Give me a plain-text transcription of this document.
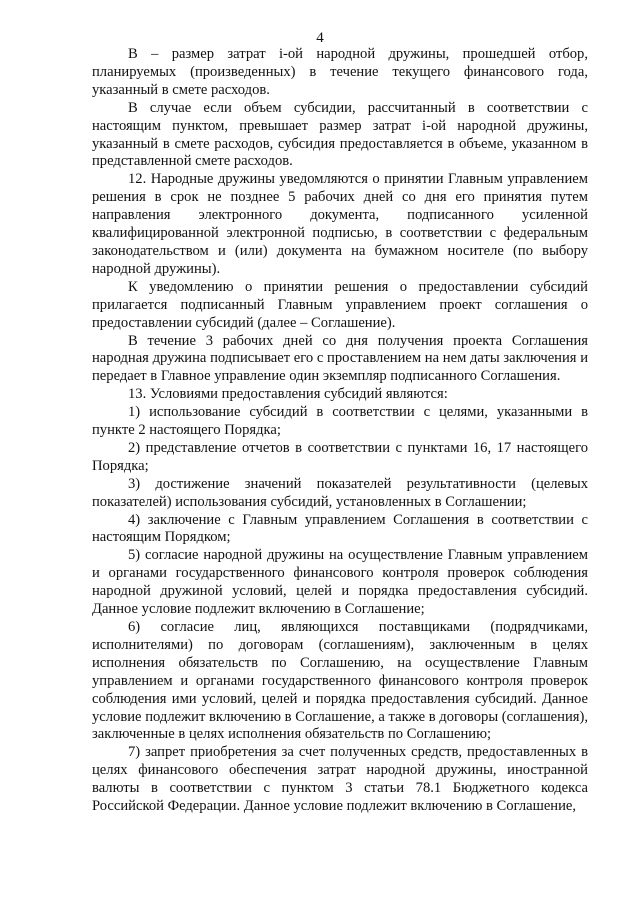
4

В – размер затрат i-ой народной дружины, прошедшей отбор, планируемых (произведенных) в течение текущего финансового года, указанный в смете расходов.

В случае если объем субсидии, рассчитанный в соответствии с настоящим пунктом, превышает размер затрат i-ой народной дружины, указанный в смете расходов, субсидия предоставляется в объеме, указанном в представленной смете расходов.

12. Народные дружины уведомляются о принятии Главным управлением решения в срок не позднее 5 рабочих дней со дня его принятия путем направления электронного документа, подписанного усиленной квалифицированной электронной подписью, в соответствии с федеральным законодательством и (или) документа на бумажном носителе (по выбору народной дружины).

К уведомлению о принятии решения о предоставлении субсидий прилагается подписанный Главным управлением проект соглашения о предоставлении субсидий (далее – Соглашение).

В течение 3 рабочих дней со дня получения проекта Соглашения народная дружина подписывает его с проставлением на нем даты заключения и передает в Главное управление один экземпляр подписанного Соглашения.

13. Условиями предоставления субсидий являются:

1) использование субсидий в соответствии с целями, указанными в пункте 2 настоящего Порядка;

2) представление отчетов в соответствии с пунктами 16, 17 настоящего Порядка;

3) достижение значений показателей результативности (целевых показателей) использования субсидий, установленных в Соглашении;

4) заключение с Главным управлением Соглашения в соответствии с настоящим Порядком;

5) согласие народной дружины на осуществление Главным управлением и органами государственного финансового контроля проверок соблюдения народной дружиной условий, целей и порядка предоставления субсидий. Данное условие подлежит включению в Соглашение;

6) согласие лиц, являющихся поставщиками (подрядчиками, исполнителями) по договорам (соглашениям), заключенным в целях исполнения обязательств по Соглашению, на осуществление Главным управлением и органами государственного финансового контроля проверок соблюдения ими условий, целей и порядка предоставления субсидий. Данное условие подлежит включению в Соглашение, а также в договоры (соглашения), заключенные в целях исполнения обязательств по Соглашению;

7) запрет приобретения за счет полученных средств, предоставленных в целях финансового обеспечения затрат народной дружины, иностранной валюты в соответствии с пунктом 3 статьи 78.1 Бюджетного кодекса Российской Федерации. Данное условие подлежит включению в Соглашение,
